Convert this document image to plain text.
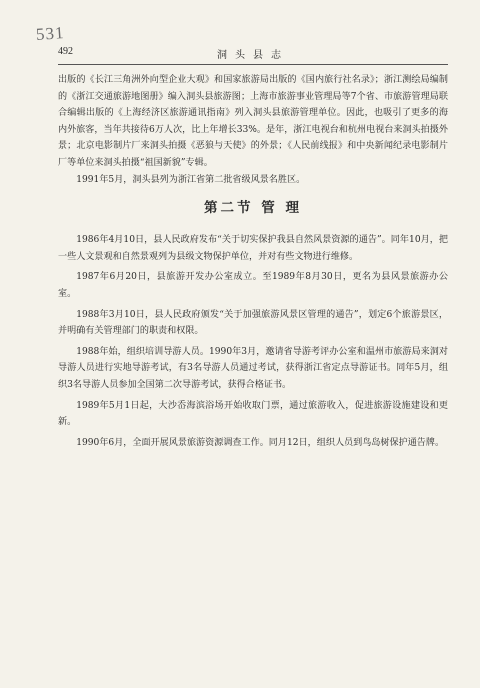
531
492	洞头县志

出版的《长江三角洲外向型企业大观》和国家旅游局出版的《国内旅行社名录》；浙江测绘局编制的《浙江交通旅游地图册》编入洞头县旅游图；上海市旅游事业管理局等7个省、市旅游管理局联合编辑出版的《上海经济区旅游通讯指南》列入洞头县旅游管理单位。因此，也吸引了更多的海内外旅客，当年共接待6万人次，比上年增长33%。是年，浙江电视台和杭州电视台来洞头拍摄外景；北京电影制片厂来洞头拍摄《恶狼与天使》的外景；《人民前线报》和中央新闻纪录电影制片厂等单位来洞头拍摄“祖国新貌”专辑。

1991年5月，洞头县列为浙江省第二批省级风景名胜区。

第二节 管 理

1986年4月10日，县人民政府发布“关于切实保护我县自然风景资源的通告”。同年10月，把一些人文景观和自然景观列为县级文物保护单位，并对有些文物进行维修。

1987年6月20日，县旅游开发办公室成立。至1989年8月30日，更名为县风景旅游办公室。

1988年3月10日，县人民政府颁发“关于加强旅游风景区管理的通告”，划定6个旅游景区，并明确有关管理部门的职责和权限。

1988年始，组织培训导游人员。1990年3月，邀请省导游考评办公室和温州市旅游局来洞对导游人员进行实地导游考试，有3名导游人员通过考试，获得浙江省定点导游证书。同年5月，组织3名导游人员参加全国第二次导游考试，获得合格证书。

1989年5月1日起，大沙岙海滨浴场开始收取门票，通过旅游收入，促进旅游设施建设和更新。

1990年6月，全面开展风景旅游资源调查工作。同月12日，组织人员到鸟岛树保护通告牌。
